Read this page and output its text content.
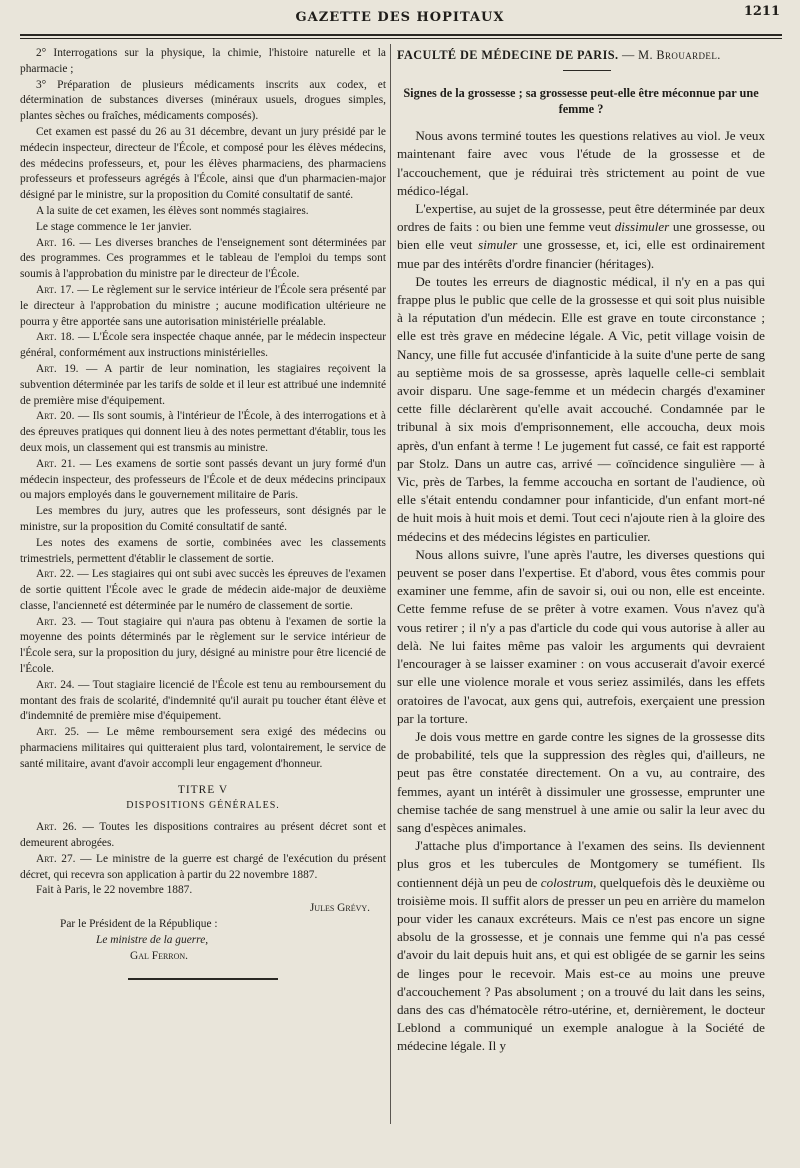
GAZETTE DES HOPITAUX	1211

2° Interrogations sur la physique, la chimie, l'histoire naturelle et la pharmacie ;

3° Préparation de plusieurs médicaments inscrits aux codex, et détermination de substances diverses (minéraux usuels, drogues simples, plantes sèches ou fraîches, médicaments composés).

Cet examen est passé du 26 au 31 décembre, devant un jury présidé par le médecin inspecteur, directeur de l'École, et composé pour les élèves médecins, des médecins professeurs, et, pour les élèves pharmaciens, des pharmaciens professeurs et professeurs agrégés à l'École, ainsi que d'un pharmacien-major désigné par le ministre, sur la proposition du Comité consultatif de santé.

A la suite de cet examen, les élèves sont nommés stagiaires.

Le stage commence le 1er janvier.

Art. 16. — Les diverses branches de l'enseignement sont déterminées par des programmes. Ces programmes et le tableau de l'emploi du temps sont soumis à l'approbation du ministre par le directeur de l'École.

Art. 17. — Le règlement sur le service intérieur de l'École sera présenté par le directeur à l'approbation du ministre ; aucune modification ultérieure ne pourra y être apportée sans une autorisation ministérielle préalable.

Art. 18. — L'École sera inspectée chaque année, par le médecin inspecteur général, conformément aux instructions ministérielles.

Art. 19. — A partir de leur nomination, les stagiaires reçoivent la subvention déterminée par les tarifs de solde et il leur est attribué une indemnité de première mise d'équipement.

Art. 20. — Ils sont soumis, à l'intérieur de l'École, à des interrogations et à des épreuves pratiques qui donnent lieu à des notes permettant d'établir, tous les deux mois, un classement qui est transmis au ministre.

Art. 21. — Les examens de sortie sont passés devant un jury formé d'un médecin inspecteur, des professeurs de l'École et de deux médecins principaux ou majors employés dans le gouvernement militaire de Paris.

Les membres du jury, autres que les professeurs, sont désignés par le ministre, sur la proposition du Comité consultatif de santé.

Les notes des examens de sortie, combinées avec les classements trimestriels, permettent d'établir le classement de sortie.

Art. 22. — Les stagiaires qui ont subi avec succès les épreuves de l'examen de sortie quittent l'École avec le grade de médecin aide-major de deuxième classe, l'ancienneté est déterminée par le numéro de classement de sortie.

Art. 23. — Tout stagiaire qui n'aura pas obtenu à l'examen de sortie la moyenne des points déterminés par le règlement sur le service intérieur de l'École sera, sur la proposition du jury, désigné au ministre pour être licencié de l'École.

Art. 24. — Tout stagiaire licencié de l'École est tenu au remboursement du montant des frais de scolarité, d'indemnité qu'il aurait pu toucher étant élève et d'indemnité de première mise d'équipement.

Art. 25. — Le même remboursement sera exigé des médecins ou pharmaciens militaires qui quitteraient plus tard, volontairement, le service de santé militaire, avant d'avoir accompli leur engagement d'honneur.

TITRE V

DISPOSITIONS GÉNÉRALES.

Art. 26. — Toutes les dispositions contraires au présent décret sont et demeurent abrogées.

Art. 27. — Le ministre de la guerre est chargé de l'exécution du présent décret, qui recevra son application à partir du 22 novembre 1887.

Fait à Paris, le 22 novembre 1887.

Jules Grévy.

Par le Président de la République :

Le ministre de la guerre,

Gal Ferron.

FACULTÉ DE MÉDECINE DE PARIS. — M. Brouardel.

Signes de la grossesse ; sa grossesse peut-elle être méconnue par une femme ?

Nous avons terminé toutes les questions relatives au viol. Je veux maintenant faire avec vous l'étude de la grossesse et de l'accouchement, que je réduirai très strictement au point de vue médico-légal.

L'expertise, au sujet de la grossesse, peut être déterminée par deux ordres de faits : ou bien une femme veut dissimuler une grossesse, ou bien elle veut simuler une grossesse, et, ici, elle est ordinairement mue par des intérêts d'ordre financier (héritages).

De toutes les erreurs de diagnostic médical, il n'y en a pas qui frappe plus le public que celle de la grossesse et qui soit plus nuisible à la réputation d'un médecin. Elle est grave en toute circonstance ; elle est très grave en médecine légale. A Vic, petit village voisin de Nancy, une fille fut accusée d'infanticide à la suite d'une perte de sang au septième mois de sa grossesse, après laquelle celle-ci semblait avoir disparu. Une sage-femme et un médecin chargés d'examiner cette fille déclarèrent qu'elle avait accouché. Condamnée par le tribunal à six mois d'emprisonnement, elle accoucha, deux mois après, d'un enfant à terme ! Le jugement fut cassé, ce fait est rapporté par Stolz. Dans un autre cas, arrivé — coïncidence singulière — à Vic, près de Tarbes, la femme accoucha en sortant de l'audience, où elle s'était entendu condamner pour infanticide, d'un enfant mort-né de huit mois à huit mois et demi. Tout ceci n'ajoute rien à la gloire des médecins et des médecins légistes en particulier.

Nous allons suivre, l'une après l'autre, les diverses questions qui peuvent se poser dans l'expertise. Et d'abord, vous êtes commis pour examiner une femme, afin de savoir si, oui ou non, elle est enceinte. Cette femme refuse de se prêter à votre examen. Vous n'avez qu'à vous retirer ; il n'y a pas d'article du code qui vous autorise à aller au delà. Ne lui faites même pas valoir les arguments qui devraient l'encourager à se laisser examiner : on vous accuserait d'avoir exercé sur elle une violence morale et vous seriez assimilés, dans les effets oratoires de l'avocat, aux gens qui, autrefois, exerçaient une pression par la torture.

Je dois vous mettre en garde contre les signes de la grossesse dits de probabilité, tels que la suppression des règles qui, d'ailleurs, ne peut pas être constatée directement. On a vu, au contraire, des femmes, ayant un intérêt à dissimuler une grossesse, emprunter une chemise tachée de sang menstruel à une amie ou salir la leur avec du sang d'espèces animales.

J'attache plus d'importance à l'examen des seins. Ils deviennent plus gros et les tubercules de Montgomery se tuméfient. Ils contiennent déjà un peu de colostrum, quelquefois dès le deuxième ou troisième mois. Il suffit alors de presser un peu en arrière du mamelon pour vider les canaux excréteurs. Mais ce n'est pas encore un signe absolu de la grossesse, et je connais une femme qui n'a pas cessé d'avoir du lait depuis huit ans, et qui est obligée de se garnir les seins de linges pour le recevoir. Mais est-ce au moins une preuve d'accouchement ? Pas absolument ; on a trouvé du lait dans les seins, dans des cas d'hématocèle rétro-utérine, et, dernièrement, le docteur Leblond a communiqué un exemple analogue à la Société de médecine légale. Il y
